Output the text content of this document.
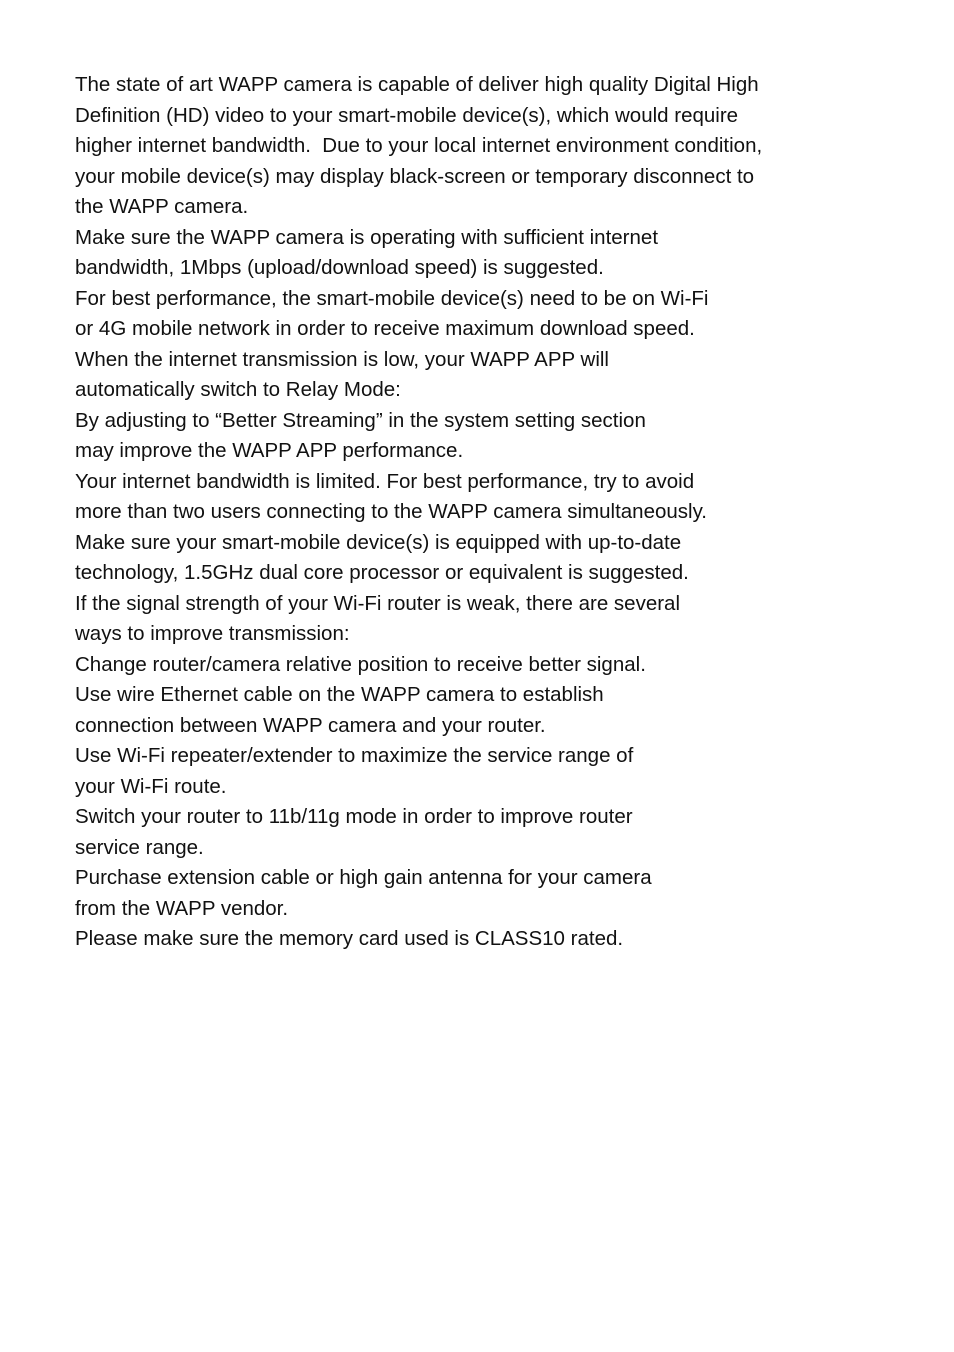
The state of art WAPP camera is capable of deliver high quality Digital High
Definition (HD) video to your smart-mobile device(s), which would require
higher internet bandwidth.  Due to your local internet environment condition,
your mobile device(s) may display black-screen or temporary disconnect to
the WAPP camera.
Make sure the WAPP camera is operating with sufficient internet
bandwidth, 1Mbps (upload/download speed) is suggested.
For best performance, the smart-mobile device(s) need to be on Wi-Fi
or 4G mobile network in order to receive maximum download speed.
When the internet transmission is low, your WAPP APP will
automatically switch to Relay Mode:
By adjusting to “Better Streaming” in the system setting section
may improve the WAPP APP performance.
Your internet bandwidth is limited. For best performance, try to avoid
more than two users connecting to the WAPP camera simultaneously.
Make sure your smart-mobile device(s) is equipped with up-to-date
technology, 1.5GHz dual core processor or equivalent is suggested.
If the signal strength of your Wi-Fi router is weak, there are several
ways to improve transmission:
Change router/camera relative position to receive better signal.
Use wire Ethernet cable on the WAPP camera to establish
connection between WAPP camera and your router.
Use Wi-Fi repeater/extender to maximize the service range of
your Wi-Fi route.
Switch your router to 11b/11g mode in order to improve router
service range.
Purchase extension cable or high gain antenna for your camera
from the WAPP vendor.
Please make sure the memory card used is CLASS10 rated.
